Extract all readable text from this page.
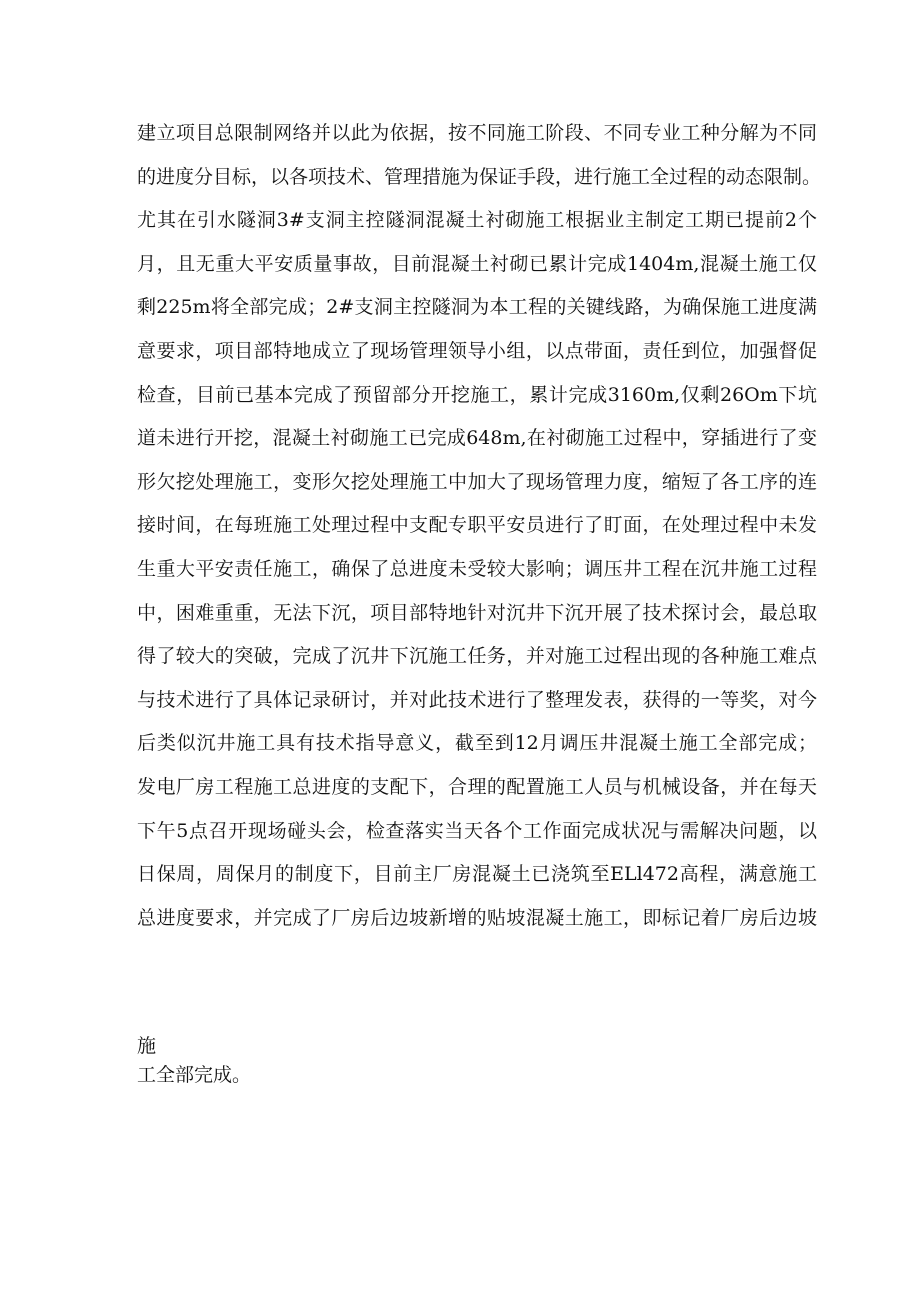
建立项目总限制网络并以此为依据，按不同施工阶段、不同专业工种分解为不同
的进度分目标，以各项技术、管理措施为保证手段，进行施工全过程的动态限制。
尤其在引水隧洞3#支洞主控隧洞混凝土衬砌施工根据业主制定工期已提前2个
月，且无重大平安质量事故，目前混凝土衬砌已累计完成1404m,混凝土施工仅
剩225m将全部完成；2#支洞主控隧洞为本工程的关键线路，为确保施工进度满
意要求，项目部特地成立了现场管理领导小组，以点带面，责任到位，加强督促
检查，目前已基本完成了预留部分开挖施工，累计完成3160m,仅剩26Om下坑
道未进行开挖，混凝土衬砌施工已完成648m,在衬砌施工过程中，穿插进行了变
形欠挖处理施工，变形欠挖处理施工中加大了现场管理力度，缩短了各工序的连
接时间，在每班施工处理过程中支配专职平安员进行了盯面，在处理过程中未发
生重大平安责任施工，确保了总进度未受较大影响；调压井工程在沉井施工过程
中，困难重重，无法下沉，项目部特地针对沉井下沉开展了技术探讨会，最总取
得了较大的突破，完成了沉井下沉施工任务，并对施工过程出现的各种施工难点
与技术进行了具体记录研讨，并对此技术进行了整理发表，获得的一等奖，对今
后类似沉井施工具有技术指导意义，截至到12月调压井混凝土施工全部完成；
发电厂房工程施工总进度的支配下，合理的配置施工人员与机械设备，并在每天
下午5点召开现场碰头会，检查落实当天各个工作面完成状况与需解决问题，以
日保周，周保月的制度下，目前主厂房混凝土已浇筑至ELl472高程，满意施工
总进度要求，并完成了厂房后边坡新增的贴坡混凝土施工，即标记着厂房后边坡
施
工全部完成。
